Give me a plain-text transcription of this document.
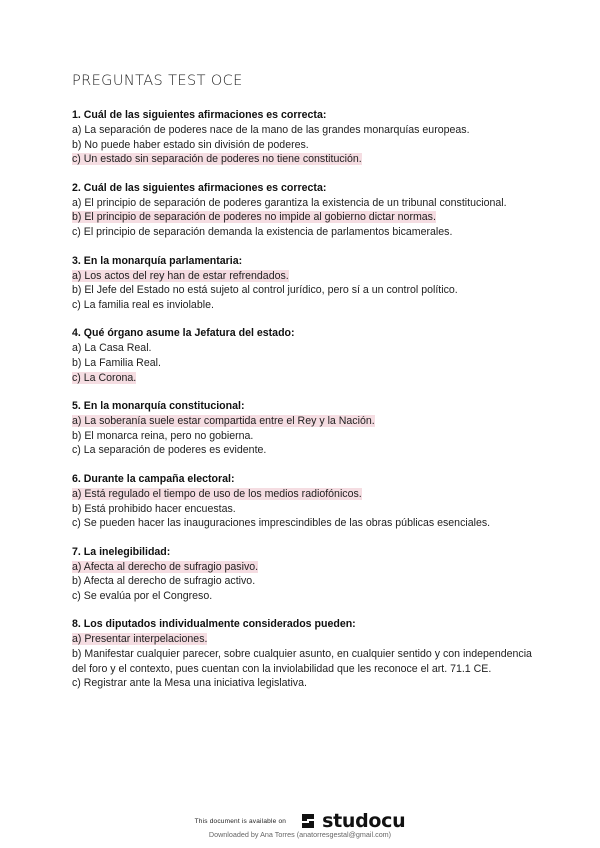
PREGUNTAS TEST OCE
1. Cuál de las siguientes afirmaciones es correcta:
a) La separación de poderes nace de la mano de las grandes monarquías europeas.
b) No puede haber estado sin división de poderes.
c) Un estado sin separación de poderes no tiene constitución.
2. Cuál de las siguientes afirmaciones es correcta:
a) El principio de separación de poderes garantiza la existencia de un tribunal constitucional.
b) El principio de separación de poderes no impide al gobierno dictar normas.
c) El principio de separación demanda la existencia de parlamentos bicamerales.
3. En la monarquía parlamentaria:
a) Los actos del rey han de estar refrendados.
b) El Jefe del Estado no está sujeto al control jurídico, pero sí a un control político.
c) La familia real es inviolable.
4. Qué órgano asume la Jefatura del estado:
a) La Casa Real.
b) La Familia Real.
c) La Corona.
5. En la monarquía constitucional:
a) La soberanía suele estar compartida entre el Rey y la Nación.
b) El monarca reina, pero no gobierna.
c) La separación de poderes es evidente.
6. Durante la campaña electoral:
a) Está regulado el tiempo de uso de los medios radiofónicos.
b) Está prohibido hacer encuestas.
c) Se pueden hacer las inauguraciones imprescindibles de las obras públicas esenciales.
7. La inelegibilidad:
a) Afecta al derecho de sufragio pasivo.
b) Afecta al derecho de sufragio activo.
c) Se evalúa por el Congreso.
8. Los diputados individualmente considerados pueden:
a) Presentar interpelaciones.
b) Manifestar cualquier parecer, sobre cualquier asunto, en cualquier sentido y con independencia del foro y el contexto, pues cuentan con la inviolabilidad que les reconoce el art. 71.1 CE.
c) Registrar ante la Mesa una iniciativa legislativa.
This document is available on studocu
Downloaded by Ana Torres (anatorresgestal@gmail.com)
